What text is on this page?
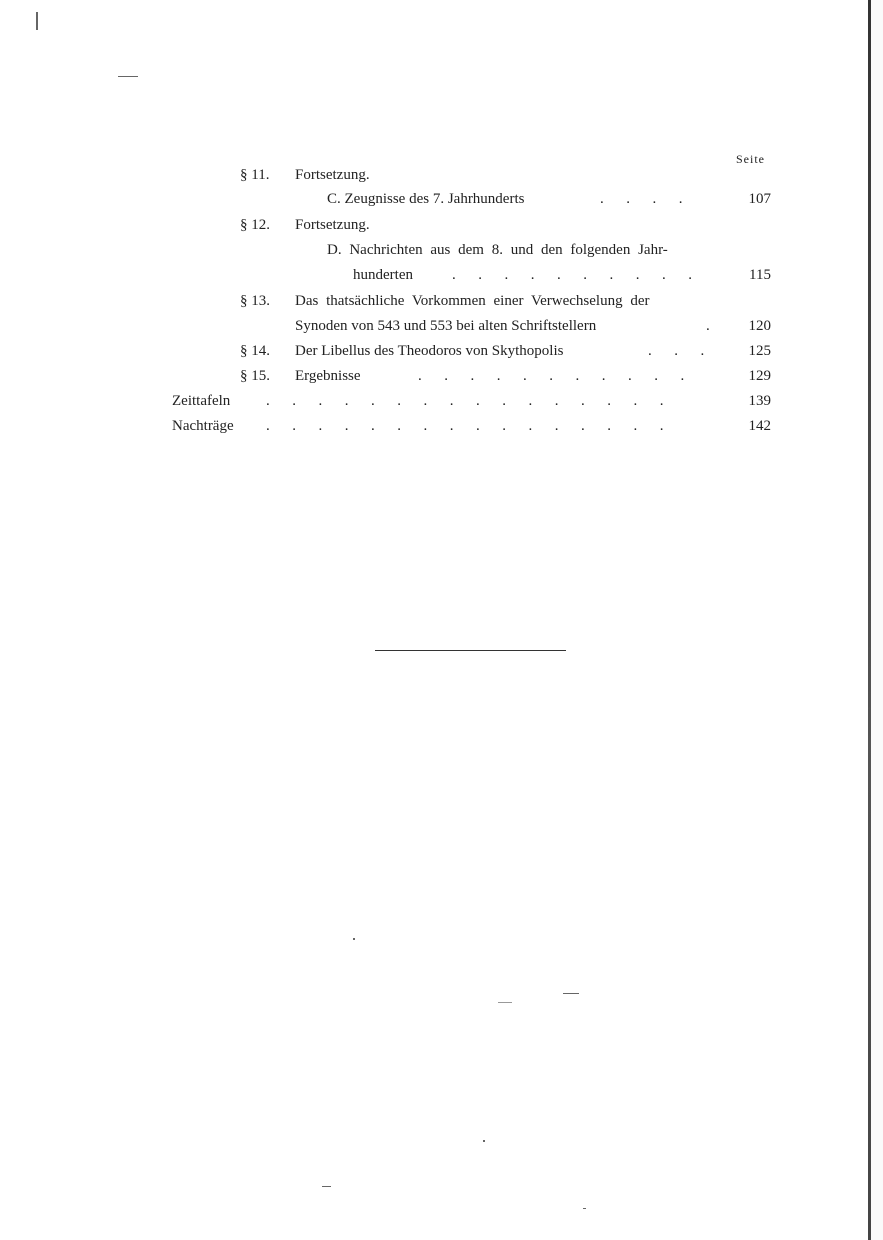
Seite
§ 11. Fortsetzung.
C. Zeugnisse des 7. Jahrhunderts	.      .      .      .	107
§ 12. Fortsetzung.
D. Nachrichten aus dem 8. und den folgenden Jahr-
hunderten	.      .      .      .      .      .      .      .      .      .	115
§ 13. Das thatsächliche Vorkommen einer Verwechselung der
Synoden von 543 und 553 bei alten Schriftstellern	.	120
§ 14. Der Libellus des Theodoros von Skythopolis	.      .      .	125
§ 15. Ergebnisse	.      .      .      .      .      .      .      .      .      .      .	129
Zeittafeln .      .      .      .      .      .      .      .      .      .      .      .      .      .      .      .	139
Nachträge .      .      .      .      .      .      .      .      .      .      .      .      .      .      .      .	142
